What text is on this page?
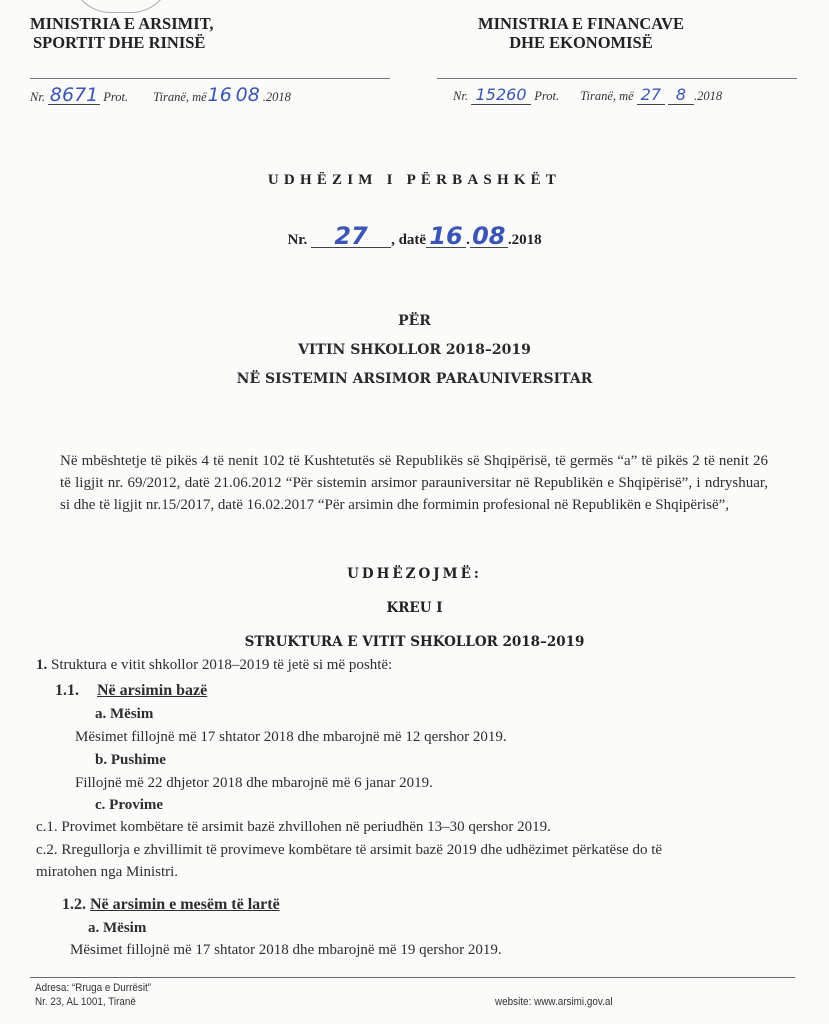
MINISTRIA E ARSIMIT,
SPORTIT DHE RINISË
MINISTRIA E FINANCAVE
DHE EKONOMISË
Nr. 8671 Prot. Tiranë, më16 08 .2018	Nr. 15260 Prot. Tiranë, më 27 8 .2018
UDHËZIM I PËRBASHKËT
Nr. 27 , datë 16 .08 .2018
PËR
VITIN SHKOLLOR 2018–2019
NË SISTEMIN ARSIMOR PARAUNIVERSITAR
Në mbështetje të pikës 4 të nenit 102 të Kushtetutës së Republikës së Shqipërisë, të germës “a” të pikës 2 të nenit 26 të ligjit nr. 69/2012, datë 21.06.2012 “Për sistemin arsimor parauniversitar në Republikën e Shqipërisë”, i ndryshuar, si dhe të ligjit nr.15/2017, datë 16.02.2017 “Për arsimin dhe formimin profesional në Republikën e Shqipërisë”,
UDHËZOJMË:
KREU I
STRUKTURA E VITIT SHKOLLOR 2018–2019
1. Struktura e vitit shkollor 2018–2019 të jetë si më poshtë:
1.1. Në arsimin bazë
a. Mësim
Mësimet fillojnë më 17 shtator 2018 dhe mbarojnë më 12 qershor 2019.
b. Pushime
Fillojnë më 22 dhjetor 2018 dhe mbarojnë më 6 janar 2019.
c. Provime
c.1. Provimet kombëtare të arsimit bazë zhvillohen në periudhën 13–30 qershor 2019.
c.2. Rregullorja e zhvillimit të provimeve kombëtare të arsimit bazë 2019 dhe udhëzimet përkatëse do të
miratohen nga Ministri.
1.2. Në arsimin e mesëm të lartë
a. Mësim
Mësimet fillojnë më 17 shtator 2018 dhe mbarojnë më 19 qershor 2019.
Adresa: “Rruga e Durrësit”
Nr. 23, AL 1001, Tiranë	website: www.arsimi.gov.al
